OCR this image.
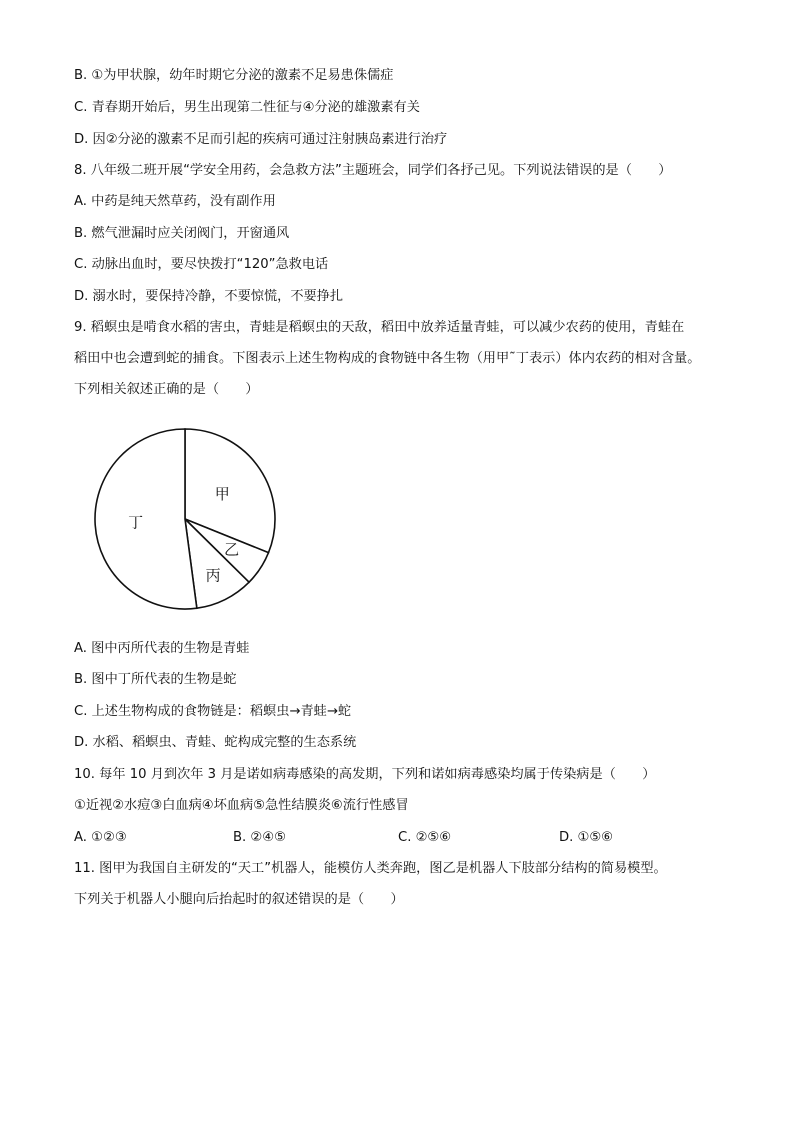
B. ①为甲状腺，幼年时期它分泌的激素不足易患侏儒症
C. 青春期开始后，男生出现第二性征与④分泌的雄激素有关
D. 因②分泌的激素不足而引起的疾病可通过注射胰岛素进行治疗
8. 八年级二班开展“学安全用药，会急救方法”主题班会，同学们各抒己见。下列说法错误的是（　　）
A. 中药是纯天然草药，没有副作用
B. 燃气泄漏时应关闭阀门，开窗通风
C. 动脉出血时，要尽快拨打“120”急救电话
D. 溺水时，要保持冷静，不要惊慌，不要挣扎
9. 稻螟虫是啃食水稻的害虫，青蛙是稻螟虫的天敌，稻田中放养适量青蛙，可以减少农药的使用，青蛙在
稻田中也会遭到蛇的捕食。下图表示上述生物构成的食物链中各生物（用甲˜丁表示）体内农药的相对含量。
下列相关叙述正确的是（　　）
甲
乙
丙
丁
A. 图中丙所代表的生物是青蛙
B. 图中丁所代表的生物是蛇
C. 上述生物构成的食物链是：稻螟虫→青蛙→蛇
D. 水稻、稻螟虫、青蛙、蛇构成完整的生态系统
10. 每年 10 月到次年 3 月是诺如病毒感染的高发期，下列和诺如病毒感染均属于传染病是（　　）
①近视②水痘③白血病④坏血病⑤急性结膜炎⑥流行性感冒
A. ①②③	B. ②④⑤	C. ②⑤⑥	D. ①⑤⑥
11. 图甲为我国自主研发的“天工”机器人，能模仿人类奔跑，图乙是机器人下肢部分结构的简易模型。
下列关于机器人小腿向后抬起时的叙述错误的是（　　）
